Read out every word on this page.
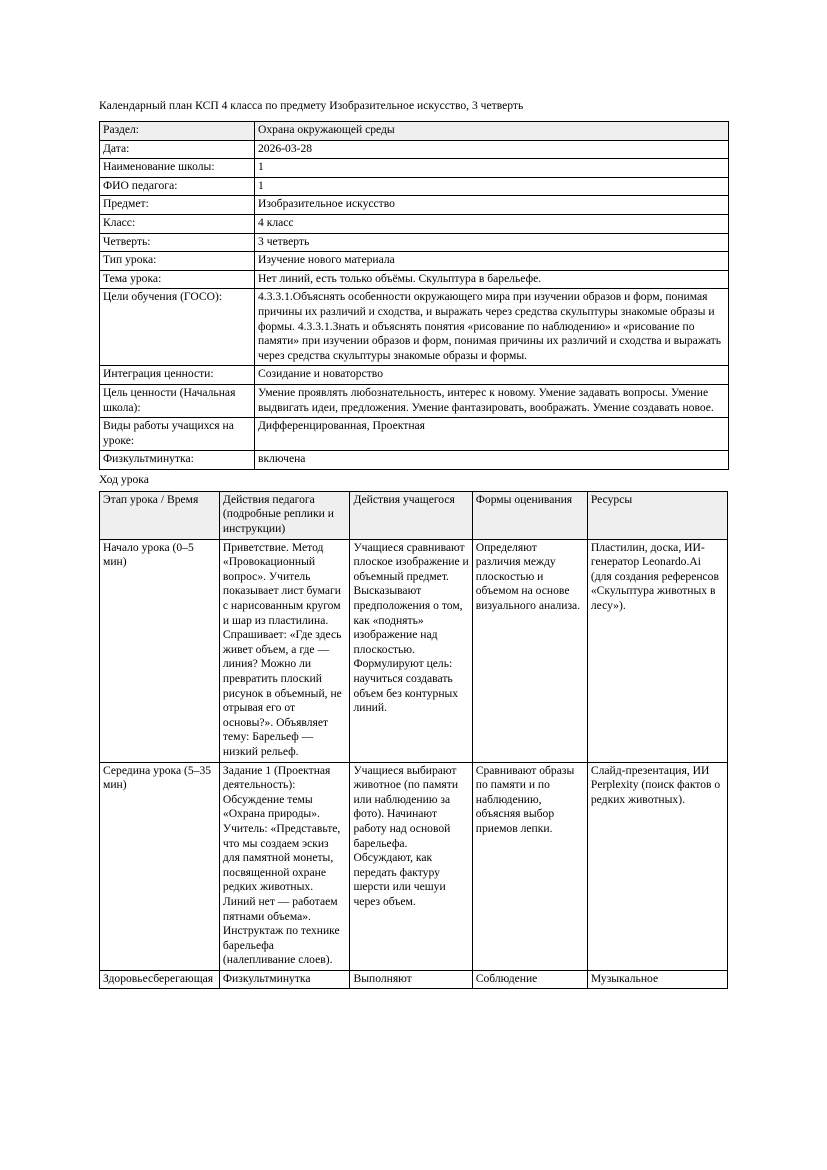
Календарный план КСП 4 класса по предмету Изобразительное искусство, 3 четверть

Раздел:	Охрана окружающей среды
Дата:	2026-03-28
Наименование школы:	1
ФИО педагога:	1
Предмет:	Изобразительное искусство
Класс:	4 класс
Четверть:	3 четверть
Тип урока:	Изучение нового материала
Тема урока:	Нет линий, есть только объёмы. Скульптура в барельефе.
Цели обучения (ГОСО):	4.3.3.1.Объяснять особенности окружающего мира при изучении образов и форм, понимая причины их различий и сходства, и выражать через средства скульптуры знакомые образы и формы. 4.3.3.1.Знать и объяснять понятия «рисование по наблюдению» и «рисование по памяти» при изучении образов и форм, понимая причины их различий и сходства и выражать через средства скульптуры знакомые образы и формы.
Интеграция ценности:	Созидание и новаторство
Цель ценности (Начальная школа):	Умение проявлять любознательность, интерес к новому. Умение задавать вопросы. Умение выдвигать идеи, предложения. Умение фантазировать, воображать. Умение создавать новое.
Виды работы учащихся на уроке:	Дифференцированная, Проектная
Физкультминутка:	включена

Ход урока

Этап урока / Время	Действия педагога (подробные реплики и инструкции)	Действия учащегося	Формы оценивания	Ресурсы
Начало урока (0–5 мин)	Приветствие. Метод «Провокационный вопрос». Учитель показывает лист бумаги с нарисованным кругом и шар из пластилина. Спрашивает: «Где здесь живет объем, а где — линия? Можно ли превратить плоский рисунок в объемный, не отрывая его от основы?». Объявляет тему: Барельеф — низкий рельеф.	Учащиеся сравнивают плоское изображение и объемный предмет. Высказывают предположения о том, как «поднять» изображение над плоскостью. Формулируют цель: научиться создавать объем без контурных линий.	Определяют различия между плоскостью и объемом на основе визуального анализа.	Пластилин, доска, ИИ-генератор Leonardo.Ai (для создания референсов «Скульптура животных в лесу»).
Середина урока (5–35 мин)	Задание 1 (Проектная деятельность): Обсуждение темы «Охрана природы». Учитель: «Представьте, что мы создаем эскиз для памятной монеты, посвященной охране редких животных. Линий нет — работаем пятнами объема». Инструктаж по технике барельефа (налепливание слоев).	Учащиеся выбирают животное (по памяти или наблюдению за фото). Начинают работу над основой барельефа. Обсуждают, как передать фактуру шерсти или чешуи через объем.	Сравнивают образы по памяти и по наблюдению, объясняя выбор приемов лепки.	Слайд-презентация, ИИ Perplexity (поиск фактов о редких животных).
Здоровьесберегающая	Физкультминутка	Выполняют	Соблюдение	Музыкальное
